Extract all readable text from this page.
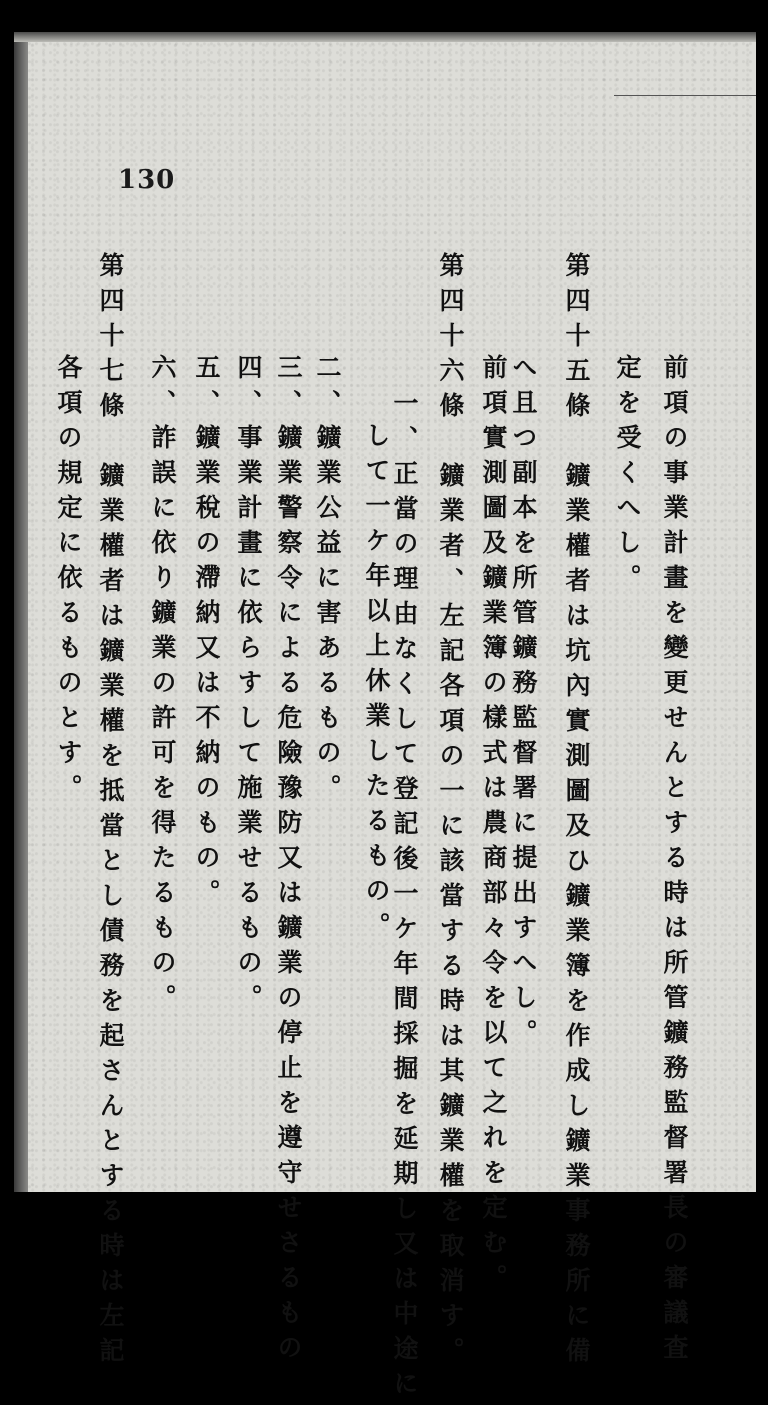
130
前項の事業計畫を變更せんとする時は所管鑛務監督署長の審議査
定を受くへし。
第四十五條　鑛業權者は坑內實測圖及ひ鑛業簿を作成し鑛業事務所に備
へ且つ副本を所管鑛務監督署に提出すへし。
前項實測圖及鑛業簿の樣式は農商部々令を以て之れを定む。
第四十六條　鑛業者、左記各項の一に該當する時は其鑛業權を取消す。
一、正當の理由なくして登記後一ケ年間採掘を延期し又は中途に
して一ケ年以上休業したるもの。
二、鑛業公益に害あるもの。
三、鑛業警察令による危險豫防又は鑛業の停止を遵守せさるもの
四、事業計畫に依らすして施業せるもの。
五、鑛業稅の滯納又は不納のもの。
六、詐誤に依り鑛業の許可を得たるもの。
第四十七條　鑛業權者は鑛業權を抵當とし債務を起さんとする時は左記
各項の規定に依るものとす。
